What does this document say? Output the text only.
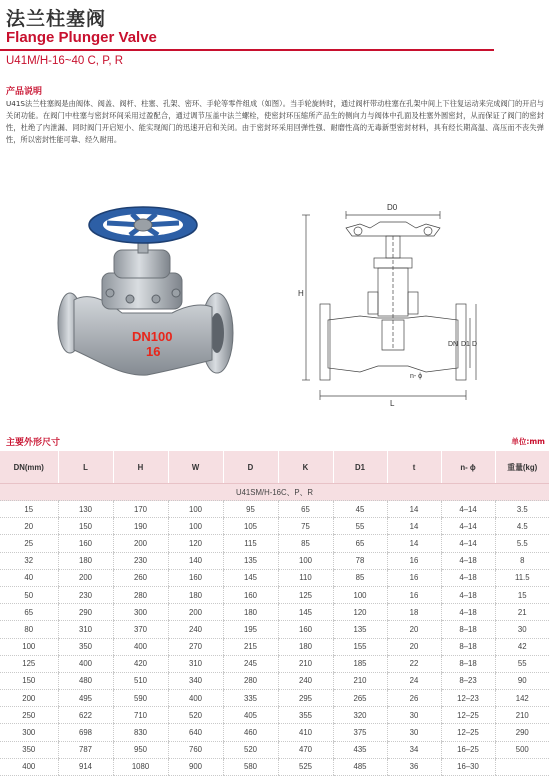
法兰柱塞阀
Flange Plunger Valve
U41M/H-16~40 C, P, R
产品说明
U41S法兰柱塞阀是由阀体、阀盖、阀杆、柱塞、孔架、密环、手轮等零件组成（如图）。当手轮旋转时，通过阀杆带动柱塞在孔架中间上下往复运动来完成阀门的开启与关闭功能。在阀门中柱塞与密封环间采用过盈配合，通过调节压盖中法兰螺栓，使密封环压缩所产品生的侧向力与阀体中孔面及柱塞外圆密封，从而保证了阀门的密封性，杜绝了内泄漏、同时阀门开启短小、能实现阀门的迅速开启和关闭。由于密封环采用回弹性强、耐磨性高的无毒新型密封材料，具有经长期高温、高压而不丧失弹性，所以密封性能可靠、经久耐用。
DN100
16
D0
H
DN D1 D
n- ϕ
L
主要外形尺寸	单位:mm
DN(mm)	L	H	W	D	K	D1	t	n- ϕ	重量(kg)
U41SM/H-16C、P、R									
15	130	170	100	95	65	45	14	4–14	3.5
20	150	190	100	105	75	55	14	4–14	4.5
25	160	200	120	115	85	65	14	4–14	5.5
32	180	230	140	135	100	78	16	4–18	8
40	200	260	160	145	110	85	16	4–18	11.5
50	230	280	180	160	125	100	16	4–18	15
65	290	300	200	180	145	120	18	4–18	21
80	310	370	240	195	160	135	20	8–18	30
100	350	400	270	215	180	155	20	8–18	42
125	400	420	310	245	210	185	22	8–18	55
150	480	510	340	280	240	210	24	8–23	90
200	495	590	400	335	295	265	26	12–23	142
250	622	710	520	405	355	320	30	12–25	210
300	698	830	640	460	410	375	30	12–25	290
350	787	950	760	520	470	435	34	16–25	500
400	914	1080	900	580	525	485	36	16–30	
